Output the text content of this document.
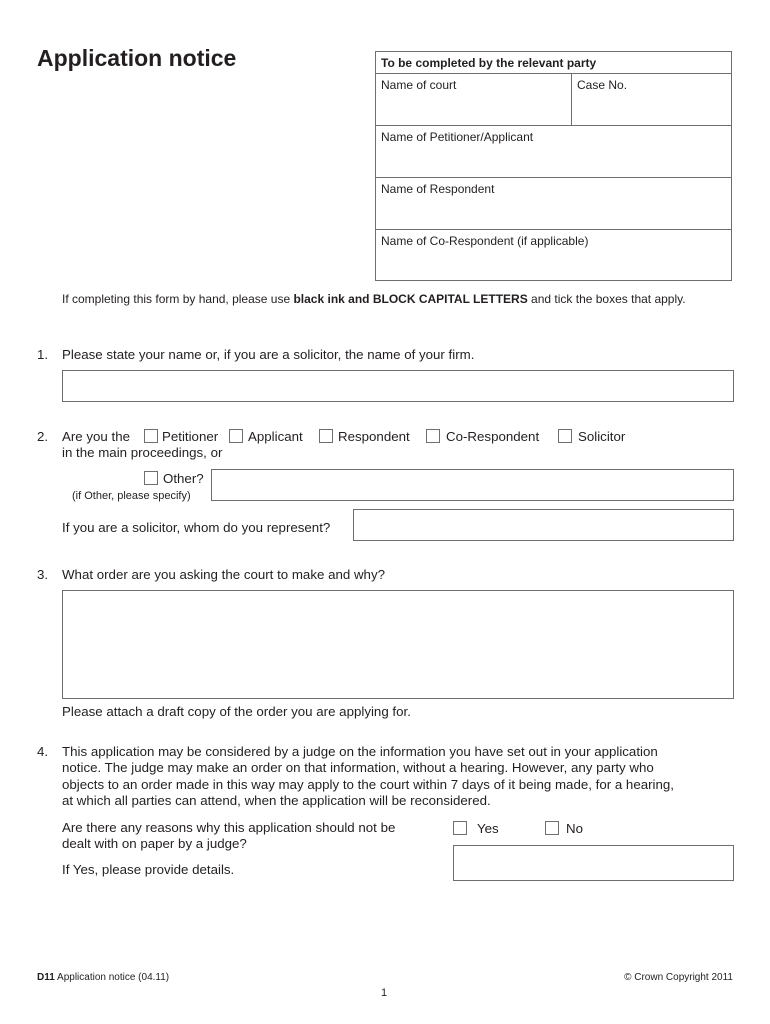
Application notice	To be completed by the relevant party
Name of court	Case No.
Name of Petitioner/Applicant
Name of Respondent
Name of Co-Respondent (if applicable)
If completing this form by hand, please use black ink and BLOCK CAPITAL LETTERS and tick the boxes that apply.
1. Please state your name or, if you are a solicitor, the name of your firm.
2. Are you the Petitioner Applicant	Respondent	Co-Respondent	Solicitor
in the main proceedings, or
Other?
(if Other, please specify)
If you are a solicitor, whom do you represent?
3. What order are you asking the court to make and why?
Please attach a draft copy of the order you are applying for.
4. This application may be considered by a judge on the information you have set out in your application
notice. The judge may make an order on that information, without a hearing. However, any party who
objects to an order made in this way may apply to the court within 7 days of it being made, for a hearing,
at which all parties can attend, when the application will be reconsidered.
Are there any reasons why this application should not be
dealt with on paper by a judge?
Yes	No
If Yes, please provide details.
D11 Application notice (04.11)	© Crown Copyright 2011
1
